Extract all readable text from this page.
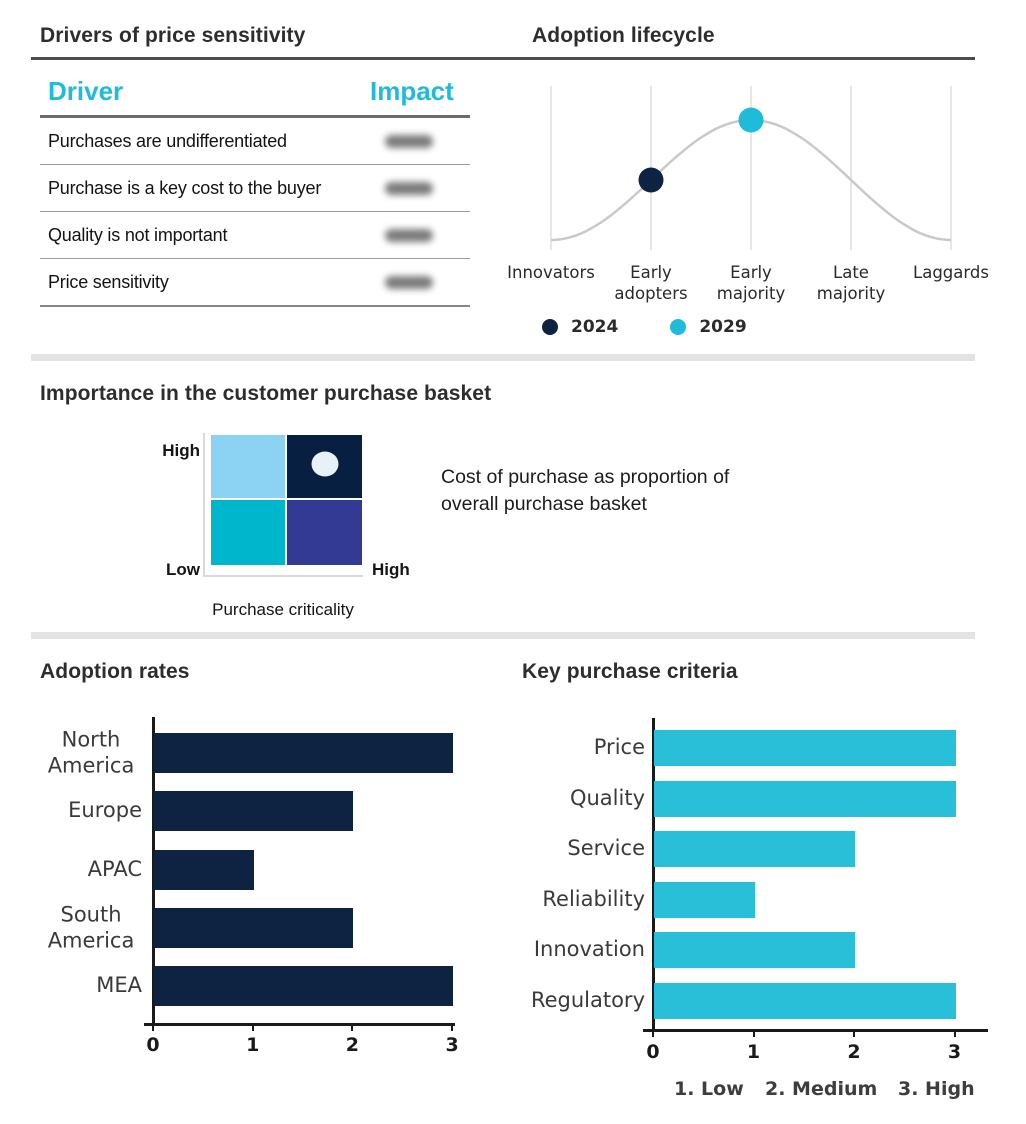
Drivers of price sensitivity	Adoption lifecycle
Driver	Impact
Purchases are undifferentiated
Purchase is a key cost to the buyer
Quality is not important
Price sensitivity	Innovators	Early adopters
Early majority
Late majority
Laggards
2024	2029
Importance in the customer purchase basket
High
Low	High
Purchase criticality
Cost of purchase as proportion of overall purchase basket
Adoption rates	Key purchase criteria
North America
Europe
APAC
South America
MEA
0	1	2	3
Price
Quality
Service
Reliability
Innovation
Regulatory
0	1	2	3
1. Low 2. Medium 3. High
